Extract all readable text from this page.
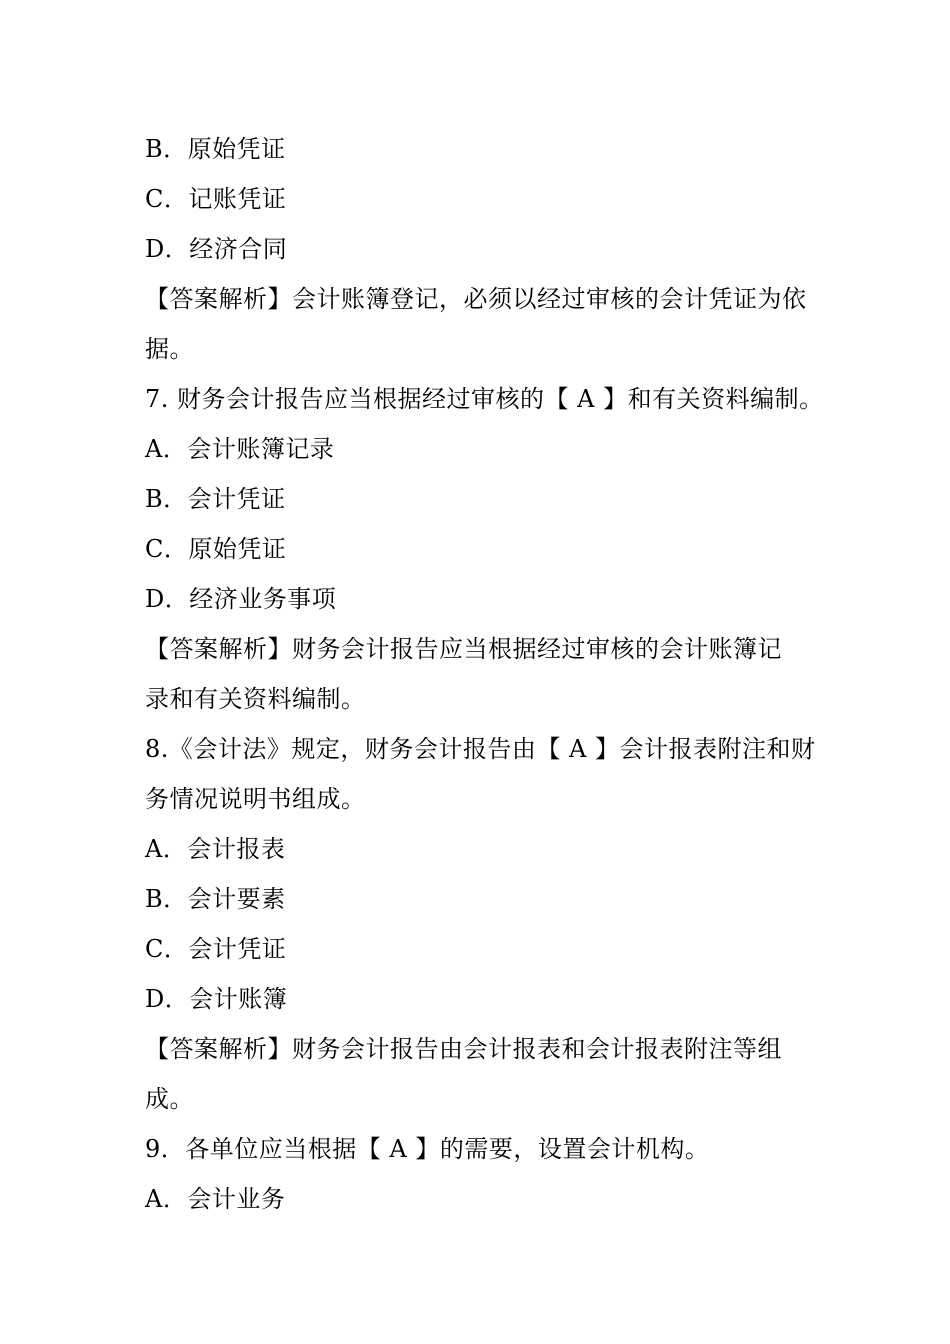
B．原始凭证
C．记账凭证
D．经济合同
【答案解析】会计账簿登记，必须以经过审核的会计凭证为依
据。
7. 财务会计报告应当根据经过审核的【 A 】和有关资料编制。
A．会计账簿记录
B．会计凭证
C．原始凭证
D．经济业务事项
【答案解析】财务会计报告应当根据经过审核的会计账簿记
录和有关资料编制。
8.《会计法》规定，财务会计报告由【 A 】会计报表附注和财
务情况说明书组成。
A．会计报表
B．会计要素
C．会计凭证
D．会计账簿
【答案解析】财务会计报告由会计报表和会计报表附注等组
成。
9．各单位应当根据【 A 】的需要，设置会计机构。
A．会计业务
